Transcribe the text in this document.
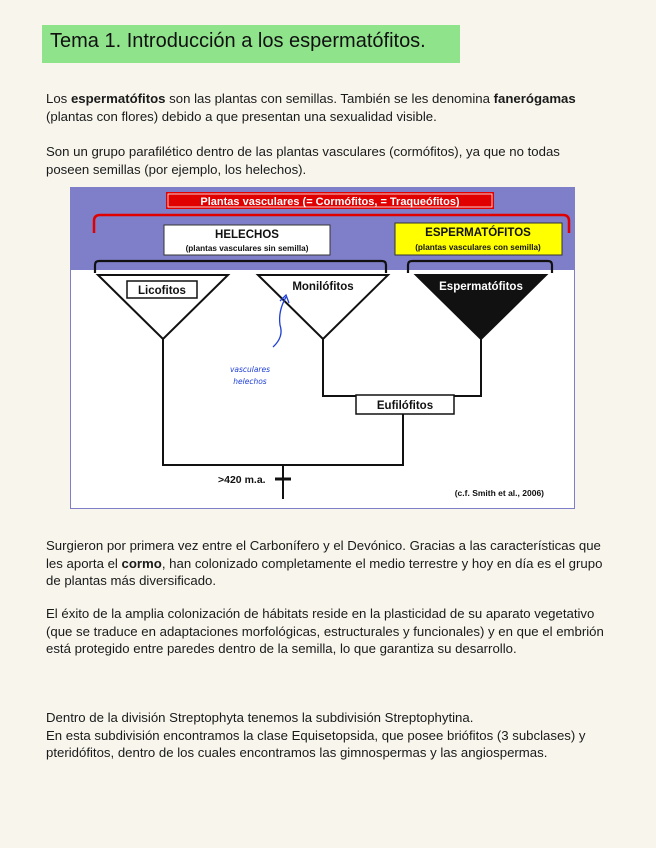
Tema 1. Introducción a los espermatófitos.

Los espermatófitos son las plantas con semillas. También se les denomina fanerógamas (plantas con flores) debido a que presentan una sexualidad visible.

Son un grupo parafilético dentro de las plantas vasculares (cormófitos), ya que no todas poseen semillas (por ejemplo, los helechos).

Plantas vasculares (= Cormófitos, = Traqueófitos)
HELECHOS
(plantas vasculares sin semilla)
ESPERMATÓFITOS
(plantas vasculares con semilla)
Licofitos	Monilófitos	Espermatófitos
Eufilófitos
>420 m.a.
(c.f. Smith et al., 2006)
vasculares
helechos

Surgieron por primera vez entre el Carbonífero y el Devónico. Gracias a las características que les aporta el cormo, han colonizado completamente el medio terrestre y hoy en día es el grupo de plantas más diversificado.

El éxito de la amplia colonización de hábitats reside en la plasticidad de su aparato vegetativo (que se traduce en adaptaciones morfológicas, estructurales y funcionales) y en que el embrión está protegido entre paredes dentro de la semilla, lo que garantiza su desarrollo.

Dentro de la división Streptophyta tenemos la subdivisión Streptophytina.
En esta subdivisión encontramos la clase Equisetopsida, que posee briófitos (3 subclases) y pteridófitos, dentro de los cuales encontramos las gimnospermas y las angiospermas.
